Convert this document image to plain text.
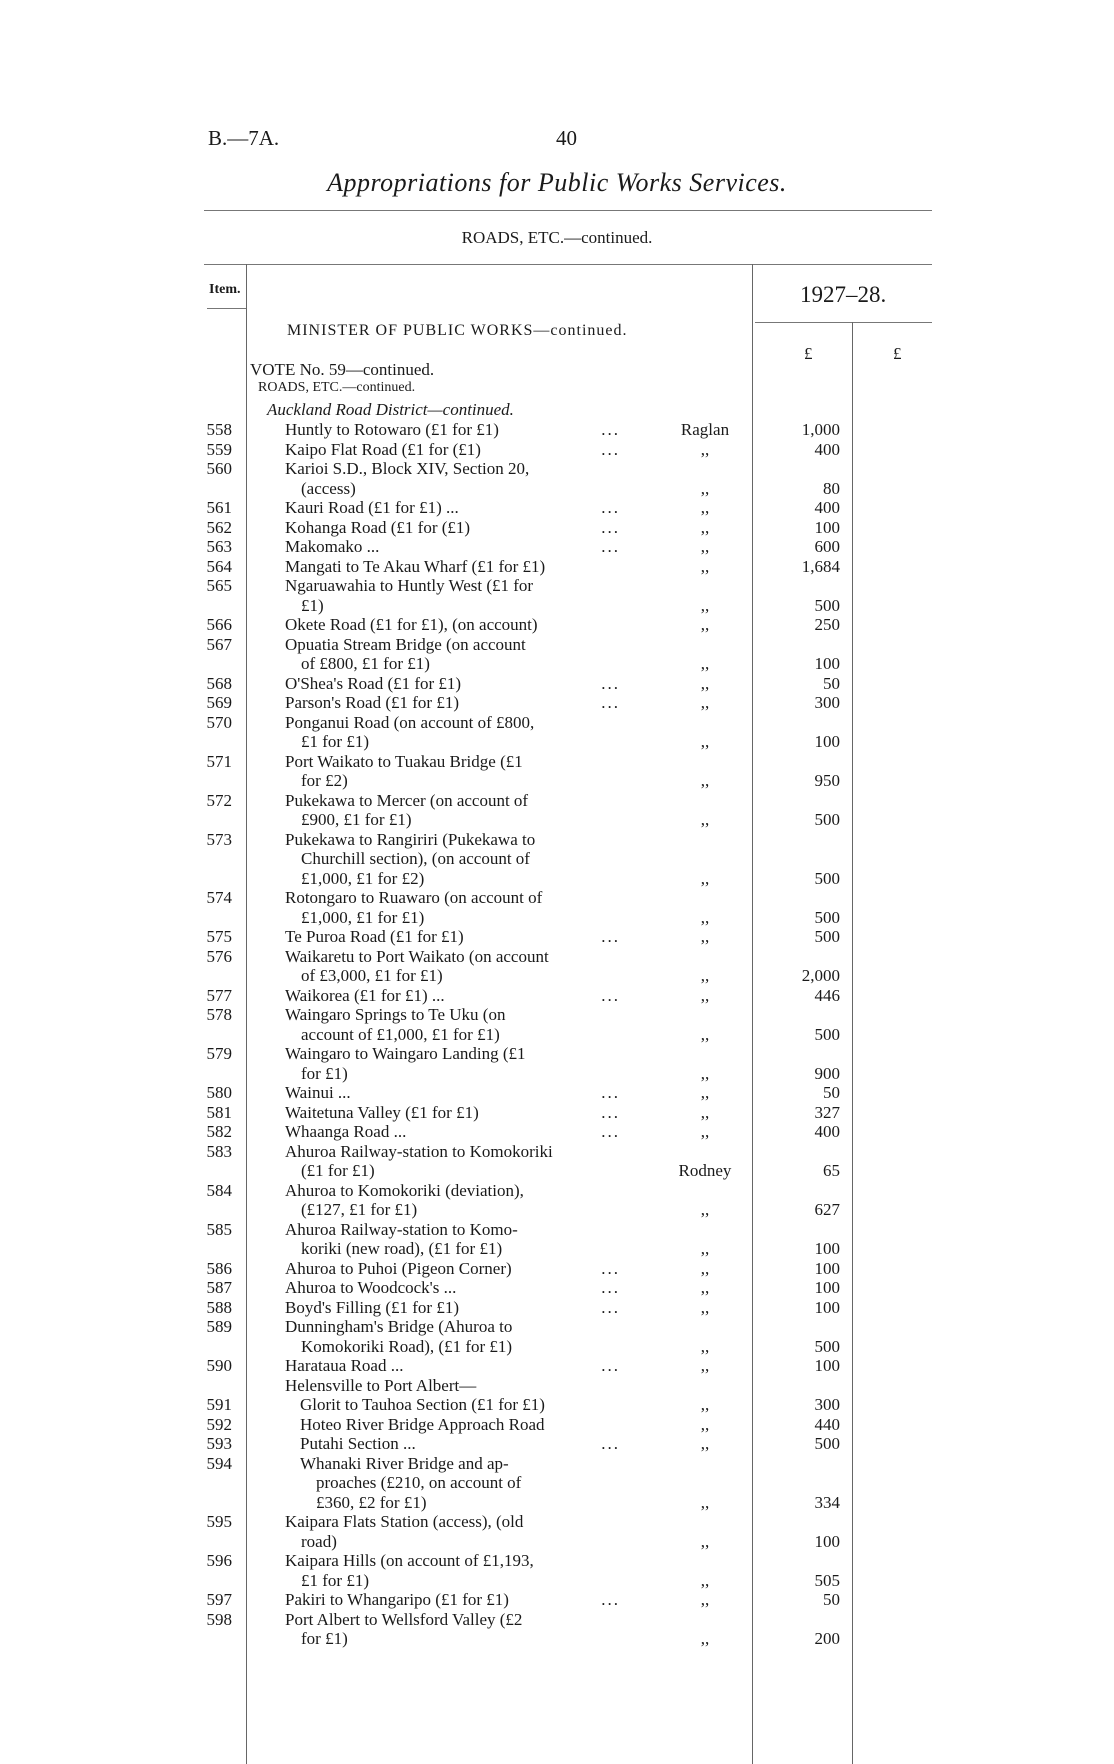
B.—7A.	40
Appropriations for Public Works Services.
ROADS, ETC.—continued.
Item.	1927–28.
MINISTER OF PUBLIC WORKS—continued.
£	£
VOTE No. 59—continued.
ROADS, ETC.—continued.
Auckland Road District—continued.
558	Huntly to Rotowaro (£1 for £1)	...	Raglan	1,000
559	Kaipo Flat Road (£1 for (£1)	...	,,	400
560	Karioi S.D., Block XIV, Section 20,
(access)	,,	80
561	Kauri Road (£1 for £1) ...	...	,,	400
562	Kohanga Road (£1 for (£1)	...	,,	100
563	Makomako ...	...	,,	600
564	Mangati to Te Akau Wharf (£1 for £1)	,,	1,684
565	Ngaruawahia to Huntly West (£1 for
£1)	,,	500
566	Okete Road (£1 for £1), (on account)	,,	250
567	Opuatia Stream Bridge (on account
of £800, £1 for £1)	,,	100
568	O'Shea's Road (£1 for £1)	...	,,	50
569	Parson's Road (£1 for £1)	...	,,	300
570	Ponganui Road (on account of £800,
£1 for £1)	,,	100
571	Port Waikato to Tuakau Bridge (£1
for £2)	,,	950
572	Pukekawa to Mercer (on account of
£900, £1 for £1)	,,	500
573	Pukekawa to Rangiriri (Pukekawa to
Churchill section), (on account of
£1,000, £1 for £2)	,,	500
574	Rotongaro to Ruawaro (on account of
£1,000, £1 for £1)	,,	500
575	Te Puroa Road (£1 for £1)	...	,,	500
576	Waikaretu to Port Waikato (on account
of £3,000, £1 for £1)	,,	2,000
577	Waikorea (£1 for £1) ...	...	,,	446
578	Waingaro Springs to Te Uku (on
account of £1,000, £1 for £1)	,,	500
579	Waingaro to Waingaro Landing (£1
for £1)	,,	900
580	Wainui ...	...	,,	50
581	Waitetuna Valley (£1 for £1)	...	,,	327
582	Whaanga Road ...	...	,,	400
583	Ahuroa Railway-station to Komokoriki
(£1 for £1)	Rodney	65
584	Ahuroa to Komokoriki (deviation),
(£127, £1 for £1)	,,	627
585	Ahuroa Railway-station to Komo-
koriki (new road), (£1 for £1)	,,	100
586	Ahuroa to Puhoi (Pigeon Corner)	...	,,	100
587	Ahuroa to Woodcock's ...	...	,,	100
588	Boyd's Filling (£1 for £1)	...	,,	100
589	Dunningham's Bridge (Ahuroa to
Komokoriki Road), (£1 for £1)	,,	500
590	Harataua Road ...	...	,,	100
Helensville to Port Albert—
591	Glorit to Tauhoa Section (£1 for £1)	,,	300
592	Hoteo River Bridge Approach Road	,,	440
593	Putahi Section ...	...	,,	500
594	Whanaki River Bridge and ap-
proaches (£210, on account of
£360, £2 for £1)	,,	334
595	Kaipara Flats Station (access), (old
road)	,,	100
596	Kaipara Hills (on account of £1,193,
£1 for £1)	,,	505
597	Pakiri to Whangaripo (£1 for £1)	...	,,	50
598	Port Albert to Wellsford Valley (£2
for £1)	,,	200
